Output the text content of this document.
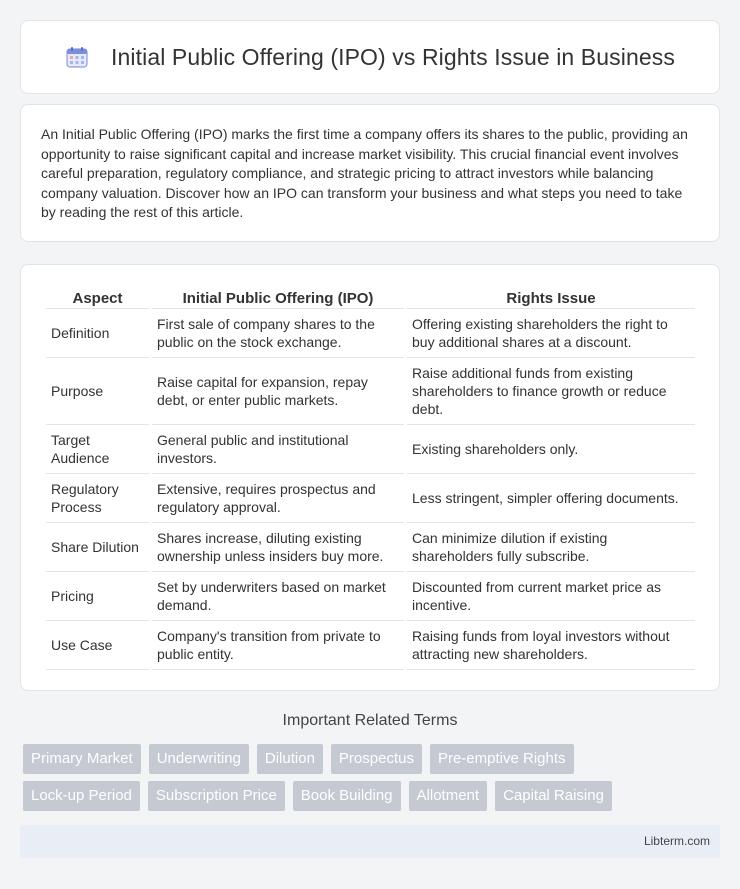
Initial Public Offering (IPO) vs Rights Issue in Business

An Initial Public Offering (IPO) marks the first time a company offers its shares to the public, providing an opportunity to raise significant capital and increase market visibility. This crucial financial event involves careful preparation, regulatory compliance, and strategic pricing to attract investors while balancing company valuation. Discover how an IPO can transform your business and what steps you need to take by reading the rest of this article.

Aspect	Initial Public Offering (IPO)	Rights Issue
Definition	First sale of company shares to the public on the stock exchange.	Offering existing shareholders the right to buy additional shares at a discount.
Purpose	Raise capital for expansion, repay debt, or enter public markets.	Raise additional funds from existing shareholders to finance growth or reduce debt.
Target Audience	General public and institutional investors.	Existing shareholders only.
Regulatory Process	Extensive, requires prospectus and regulatory approval.	Less stringent, simpler offering documents.
Share Dilution	Shares increase, diluting existing ownership unless insiders buy more.	Can minimize dilution if existing shareholders fully subscribe.
Pricing	Set by underwriters based on market demand.	Discounted from current market price as incentive.
Use Case	Company's transition from private to public entity.	Raising funds from loyal investors without attracting new shareholders.
Important Related Terms
Primary Market	Underwriting	Dilution	Prospectus	Pre-emptive Rights
Lock-up Period	Subscription Price	Book Building	Allotment	Capital Raising
Libterm.com
